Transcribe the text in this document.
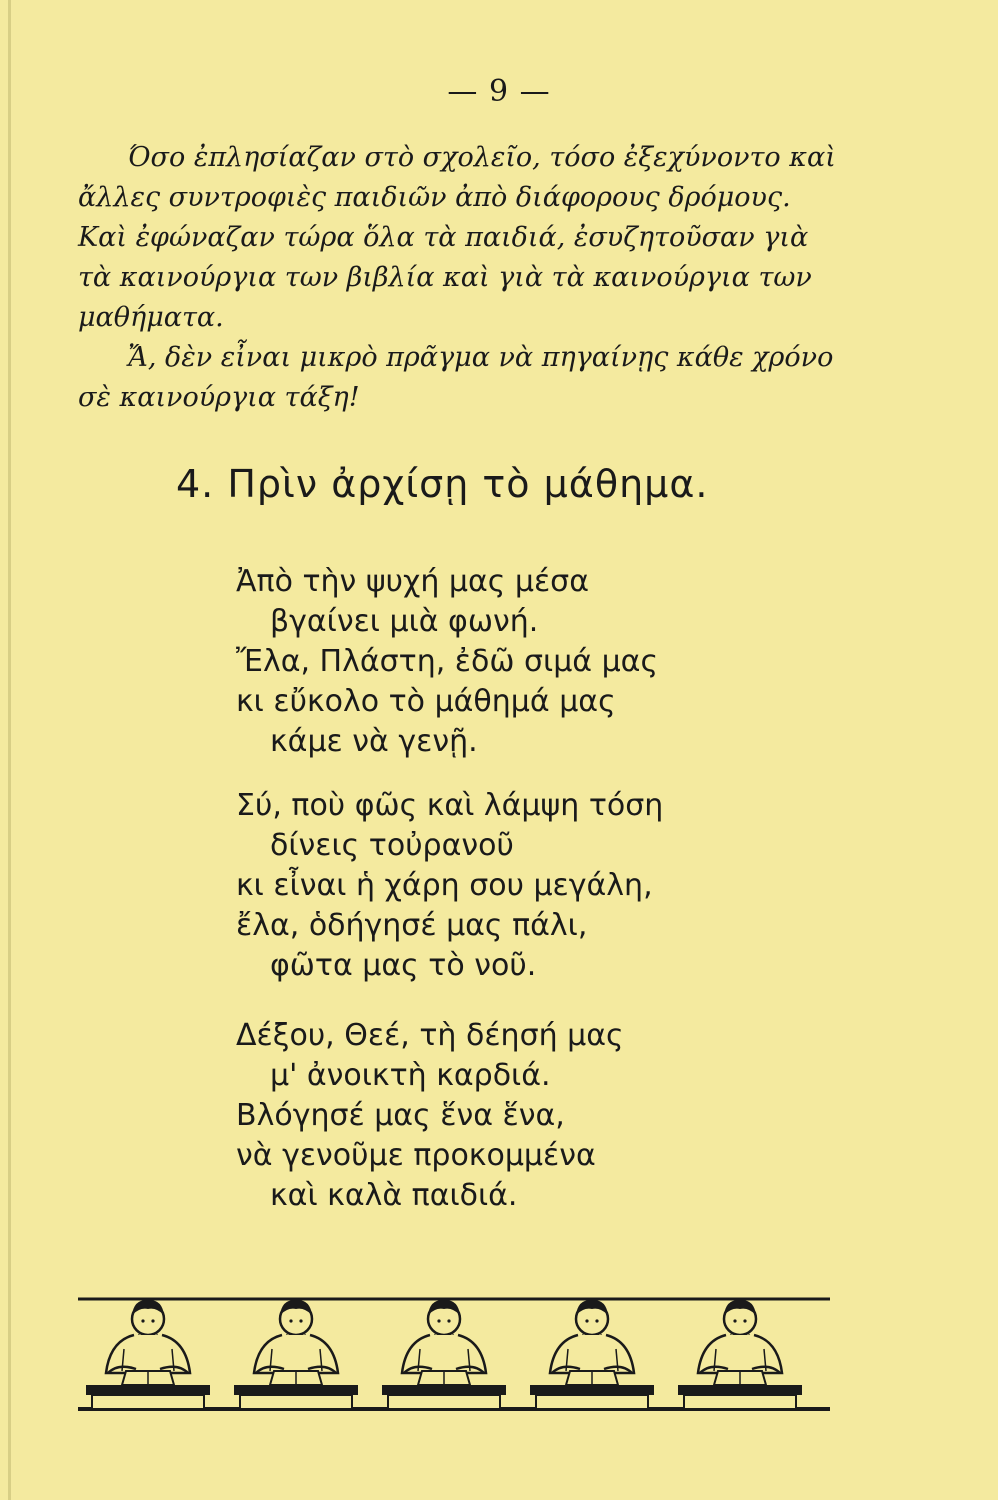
— 9 —

Όσο ἐπλησίαζαν στὸ σχολεῖο, τόσο ἐξεχύνοντο καὶ ἄλλες συντροφιὲς παιδιῶν ἀπὸ διάφορους δρόμους. Καὶ ἐφώναζαν τώρα ὅλα τὰ παιδιά, ἐσυζητοῦσαν γιὰ τὰ καινούργια των βιβλία καὶ γιὰ τὰ καινούργια των μαθήματα.

Ἄ, δὲν εἶναι μικρὸ πρᾶγμα νὰ πηγαίνῃς κάθε χρόνο σὲ καινούργια τάξη!

4. Πρὶν ἀρχίσῃ τὸ μάθημα.
Ἀπὸ τὴν ψυχή μας μέσα
βγαίνει μιὰ φωνή.
Ἔλα, Πλάστη, ἐδῶ σιμά μας
κι εὔκολο τὸ μάθημά μας
κάμε νὰ γενῇ.
Σύ, ποὺ φῶς καὶ λάμψη τόση
δίνεις τοὐρανοῦ
κι εἶναι ἡ χάρη σου μεγάλη,
ἔλα, ὁδήγησέ μας πάλι,
φῶτα μας τὸ νοῦ.
Δέξου, Θεέ, τὴ δέησή μας
μ' ἀνοικτὴ καρδιά.
Βλόγησέ μας ἕνα ἕνα,
νὰ γενοῦμε προκομμένα
καὶ καλὰ παιδιά.
